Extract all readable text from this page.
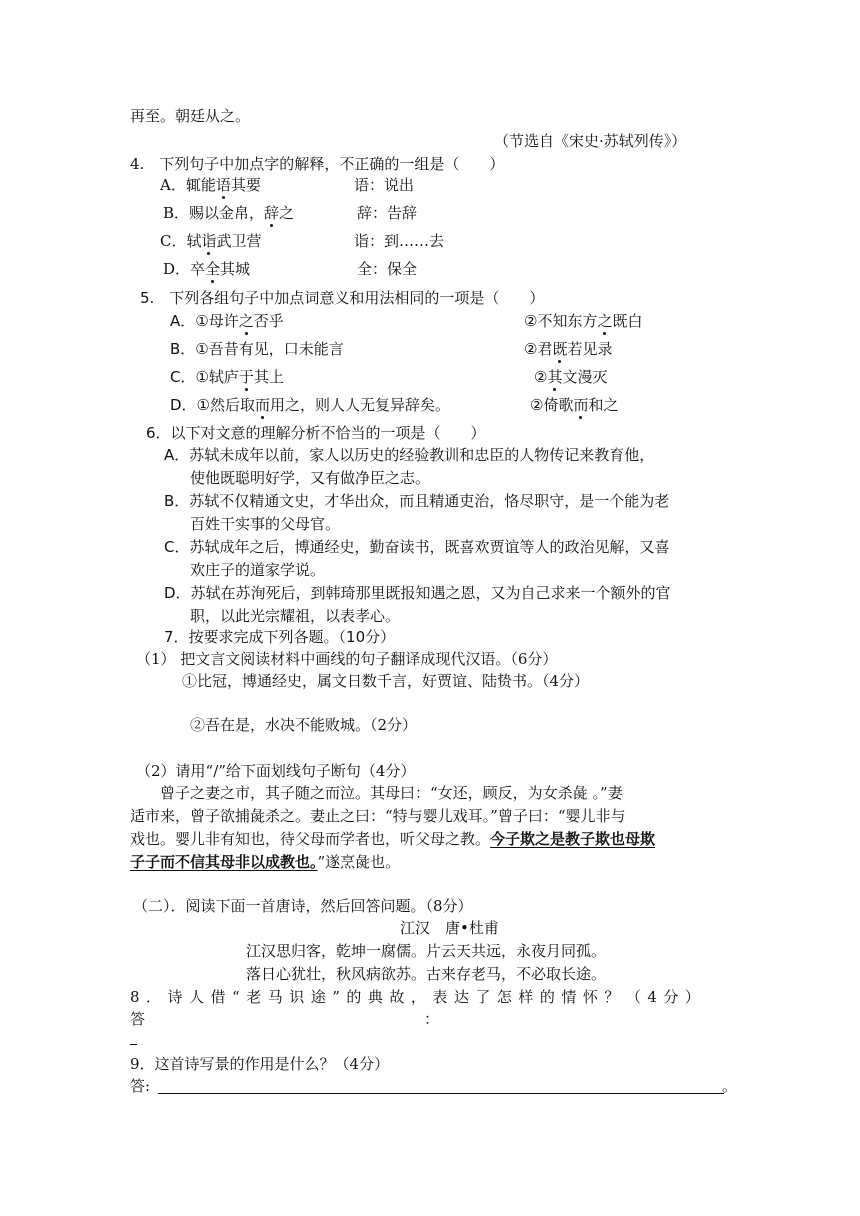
再至。朝廷从之。
（节选自《宋史·苏轼列传》）
4.　下列句子中加点字的解释，不正确的一组是（　　）
A．辄能语其要	语：说出
B．赐以金帛，辞之	辞：告辞
C．轼诣武卫营	诣：到……去
D．卒全其城	全：保全
5.　下列各组句子中加点词意义和用法相同的一项是（　　）
A．①母许之否乎	②不知东方之既白
B．①吾昔有见，口未能言	②君既若见录
C．①轼庐于其上	②其文漫灭
D．①然后取而用之，则人人无复异辞矣。	②倚歌而和之
6．以下对文意的理解分析不恰当的一项是（　　）
A．苏轼未成年以前，家人以历史的经验教训和忠臣的人物传记来教育他，
使他既聪明好学，又有做净臣之志。
B．苏轼不仅精通文史，才华出众，而且精通吏治，恪尽职守，是一个能为老
百姓干实事的父母官。
C．苏轼成年之后，博通经史，勤奋读书，既喜欢贾谊等人的政治见解，又喜
欢庄子的道家学说。
D．苏轼在苏洵死后，到韩琦那里既报知遇之恩，又为自己求来一个额外的官
职，以此光宗耀祖，以表孝心。
7．按要求完成下列各题。（10分）
（1） 把文言文阅读材料中画线的句子翻译成现代汉语。（6分）
①比冠，博通经史，属文日数千言，好贾谊、陆贽书。（4分）
②吾在是，水决不能败城。（2分）
（2）请用“/”给下面划线句子断句（4分）
曾子之妻之市，其子随之而泣。其母曰：“女还，顾反，为女杀彘 。”妻
适市来，曾子欲捕彘杀之。妻止之曰：“特与婴儿戏耳。”曾子曰：“婴儿非与
戏也。婴儿非有知也，待父母而学者也，听父母之教。今子欺之是教子欺也母欺
子子而不信其母非以成教也。”遂烹彘也。
（二）．阅读下面一首唐诗，然后回答问题。（8分）
江汉　唐•杜甫
江汉思归客，乾坤一腐儒。片云天共远，永夜月同孤。
落日心犹壮，秋风病欲苏。古来存老马，不必取长途。
8．诗人借“老马识途”的典故，表达了怎样的情怀？（4分）
答	：
9．这首诗写景的作用是什么？（4分）
答:	。
